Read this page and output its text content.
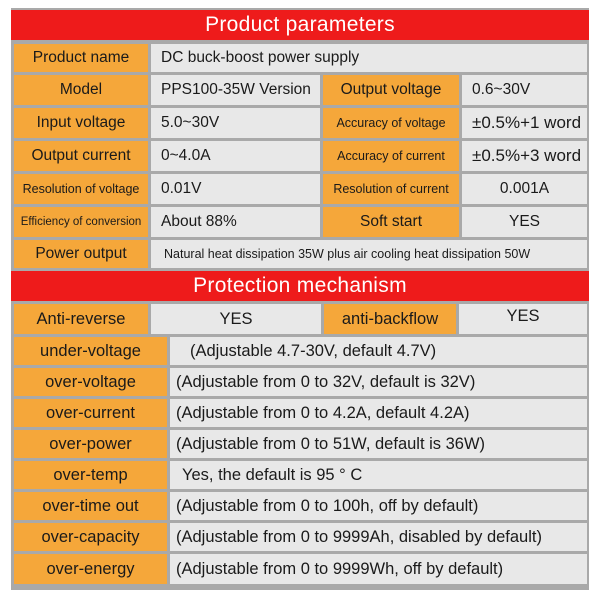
Product parameters
Product name	DC buck-boost power supply
Model	PPS100-35W Version	Output voltage	0.6~30V
Input voltage	5.0~30V	Accuracy of voltage	±0.5%+1 word
Output current	0~4.0A	Accuracy of current	±0.5%+3 word
Resolution of voltage	0.01V	Resolution of current	0.001A
Efficiency of conversion	About 88%	Soft start	YES
Power output	Natural heat dissipation 35W plus air cooling heat dissipation 50W
Protection mechanism
Anti-reverse	YES	anti-backflow	YES
under-voltage	(Adjustable 4.7-30V, default 4.7V)
over-voltage	(Adjustable from 0 to 32V, default is 32V)
over-current	(Adjustable from 0 to 4.2A, default 4.2A)
over-power	(Adjustable from 0 to 51W, default is 36W)
over-temp	Yes, the default is 95 ° C
over-time out	(Adjustable from 0 to 100h, off by default)
over-capacity	(Adjustable from 0 to 9999Ah, disabled by default)
over-energy	(Adjustable from 0 to 9999Wh, off by default)
